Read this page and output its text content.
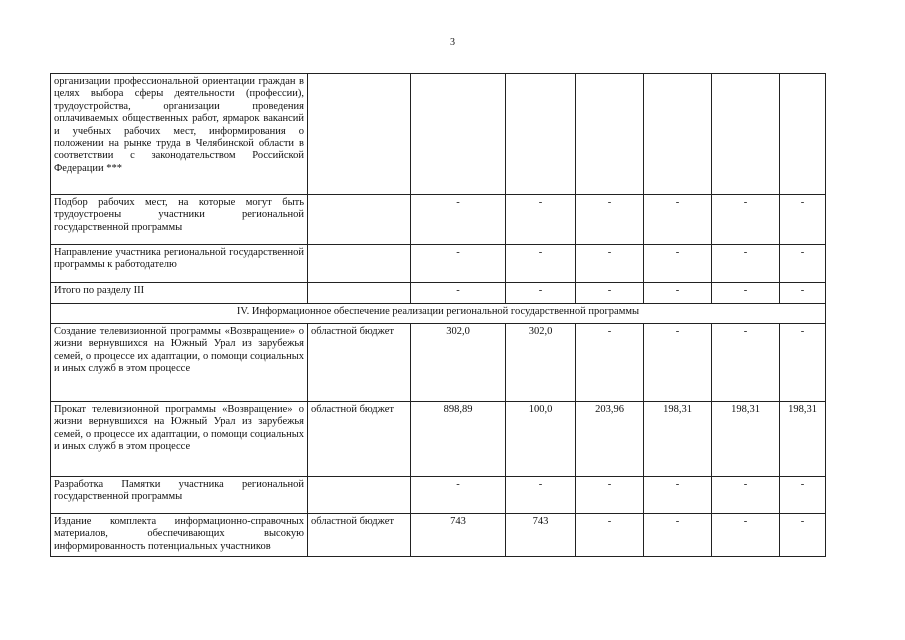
3
организации профессиональной ориентации граждан в целях выбора сферы деятельности (профессии), трудоустройства, организации проведения оплачиваемых общественных работ, ярмарок вакансий и учебных рабочих мест, информирования о положении на рынке труда в Челябинской области в соответствии с законодательством Российской Федерации ***							
Подбор рабочих мест, на которые могут быть трудоустроены участники региональной государственной программы		-	-	-	-	-	-
Направление участника региональной государственной программы к работодателю		-	-	-	-	-	-
Итого по разделу III		-	-	-	-	-	-
IV. Информационное обеспечение реализации региональной государственной программы							
Создание телевизионной программы «Возвращение» о жизни вернувшихся на Южный Урал из зарубежья семей, о процессе их адаптации, о помощи социальных и иных служб в этом процессе	областной бюджет	302,0	302,0	-	-	-	-
Прокат телевизионной программы «Возвращение» о жизни вернувшихся на Южный Урал из зарубежья семей, о процессе их адаптации, о помощи социальных и иных служб в этом процессе	областной бюджет	898,89	100,0	203,96	198,31	198,31	198,31
Разработка Памятки участника региональной государственной программы		-	-	-	-	-	-
Издание комплекта информационно-справочных материалов, обеспечивающих высокую информированность потенциальных участников	областной бюджет	743	743	-	-	-	-
